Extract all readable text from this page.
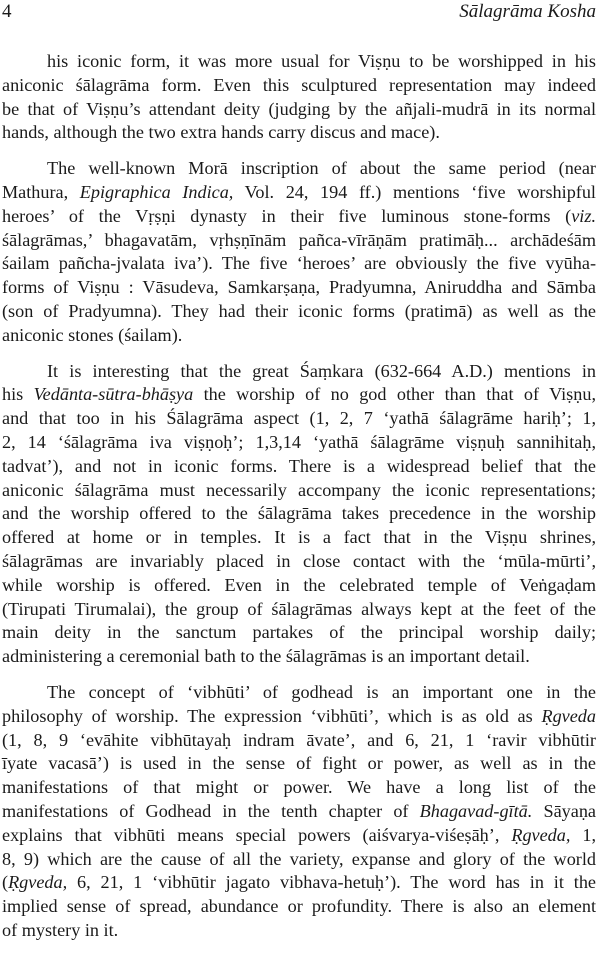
4	Sālagrāma Kosha
his iconic form, it was more usual for Viṣṇu to be worshipped in his
aniconic śālagrāma form. Even this sculptured representation may indeed
be that of Viṣṇu’s attendant deity (judging by the añjali-mudrā in its normal
hands, although the two extra hands carry discus and mace).
The well-known Morā inscription of about the same period (near
Mathura, Epigraphica Indica, Vol. 24, 194 ff.) mentions ‘five worshipful
heroes’ of the Vṛṣṇi dynasty in their five luminous stone-forms (viz.
śālagrāmas,’ bhagavatām, vṛhṣṇīnām pañca-vīrāṇām pratimāḥ... archādeśām
śailam pañcha-jvalata iva’). The five ‘heroes’ are obviously the five vyūha-
forms of Viṣṇu : Vāsudeva, Samkarṣaṇa, Pradyumna, Aniruddha and Sāmba
(son of Pradyumna). They had their iconic forms (pratimā) as well as the
aniconic stones (śailam).
It is interesting that the great Śaṃkara (632-664 A.D.) mentions in
his Vedānta-sūtra-bhāṣya the worship of no god other than that of Viṣṇu,
and that too in his Śālagrāma aspect (1, 2, 7 ‘yathā śālagrāme hariḥ’; 1,
2, 14 ‘śālagrāma iva viṣṇoḥ’; 1,3,14 ‘yathā śālagrāme viṣṇuḥ sannihitaḥ,
tadvat’), and not in iconic forms. There is a widespread belief that the
aniconic śālagrāma must necessarily accompany the iconic representations;
and the worship offered to the śālagrāma takes precedence in the worship
offered at home or in temples. It is a fact that in the Viṣṇu shrines,
śālagrāmas are invariably placed in close contact with the ‘mūla-mūrti’,
while worship is offered. Even in the celebrated temple of Veṅgaḍam
(Tirupati Tirumalai), the group of śālagrāmas always kept at the feet of the
main deity in the sanctum partakes of the principal worship daily;
administering a ceremonial bath to the śālagrāmas is an important detail.
The concept of ‘vibhūti’ of godhead is an important one in the
philosophy of worship. The expression ‘vibhūti’, which is as old as Ṛgveda
(1, 8, 9 ‘evāhite vibhūtayaḥ indram āvate’, and 6, 21, 1 ‘ravir vibhūtir
īyate vacasā’) is used in the sense of fight or power, as well as in the
manifestations of that might or power. We have a long list of the
manifestations of Godhead in the tenth chapter of Bhagavad-gītā. Sāyaṇa
explains that vibhūti means special powers (aiśvarya-viśeṣāḥ’, Ṛgveda, 1,
8, 9) which are the cause of all the variety, expanse and glory of the world
(Ṛgveda, 6, 21, 1 ‘vibhūtir jagato vibhava-hetuḥ’). The word has in it the
implied sense of spread, abundance or profundity. There is also an element
of mystery in it.
